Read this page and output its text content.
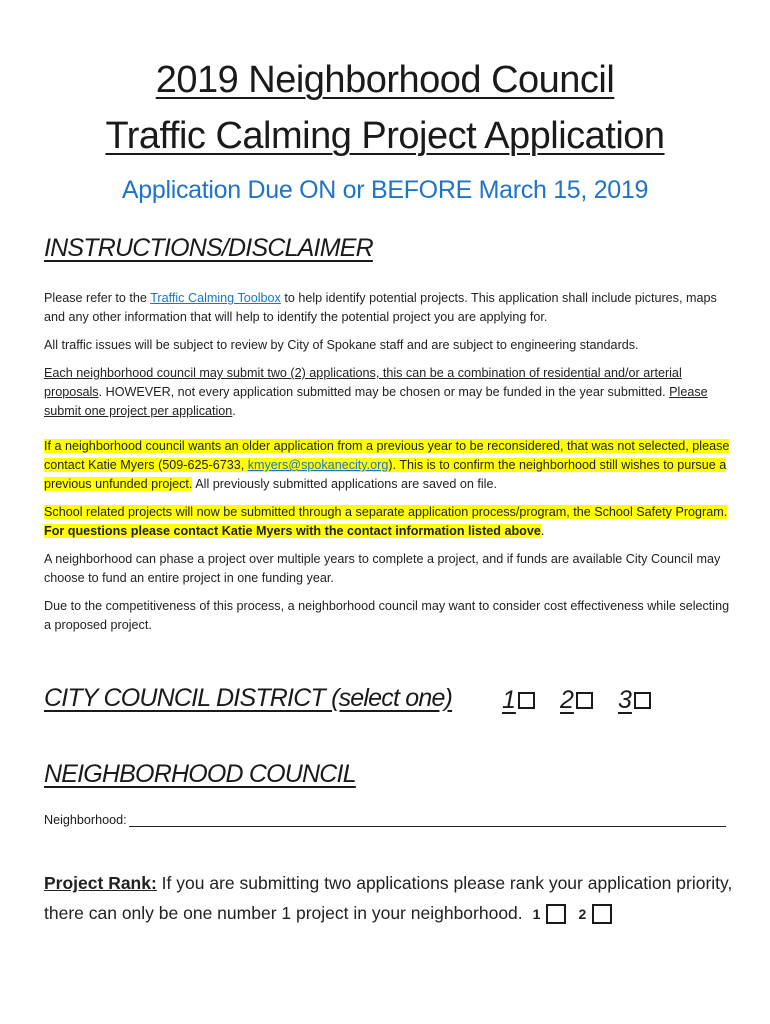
2019 Neighborhood Council
Traffic Calming Project Application
Application Due ON or BEFORE March 15, 2019
INSTRUCTIONS/DISCLAIMER

Please refer to the Traffic Calming Toolbox to help identify potential projects. This application shall include pictures, maps and any other information that will help to identify the potential project you are applying for.

All traffic issues will be subject to review by City of Spokane staff and are subject to engineering standards.

Each neighborhood council may submit two (2) applications, this can be a combination of residential and/or arterial proposals. HOWEVER, not every application submitted may be chosen or may be funded in the year submitted. Please submit one project per application.

If a neighborhood council wants an older application from a previous year to be reconsidered, that was not selected, please contact Katie Myers (509-625-6733, kmyers@spokanecity.org). This is to confirm the neighborhood still wishes to pursue a previous unfunded project. All previously submitted applications are saved on file.

School related projects will now be submitted through a separate application process/program, the School Safety Program. For questions please contact Katie Myers with the contact information listed above.

A neighborhood can phase a project over multiple years to complete a project, and if funds are available City Council may choose to fund an entire project in one funding year.

Due to the competitiveness of this process, a neighborhood council may want to consider cost effectiveness while selecting a proposed project.

CITY COUNCIL DISTRICT (select one) 1 2 3
NEIGHBORHOOD COUNCIL
Neighborhood:
Project Rank: If you are submitting two applications please rank your application priority, there can only be one number 1 project in your neighborhood. 1	2
